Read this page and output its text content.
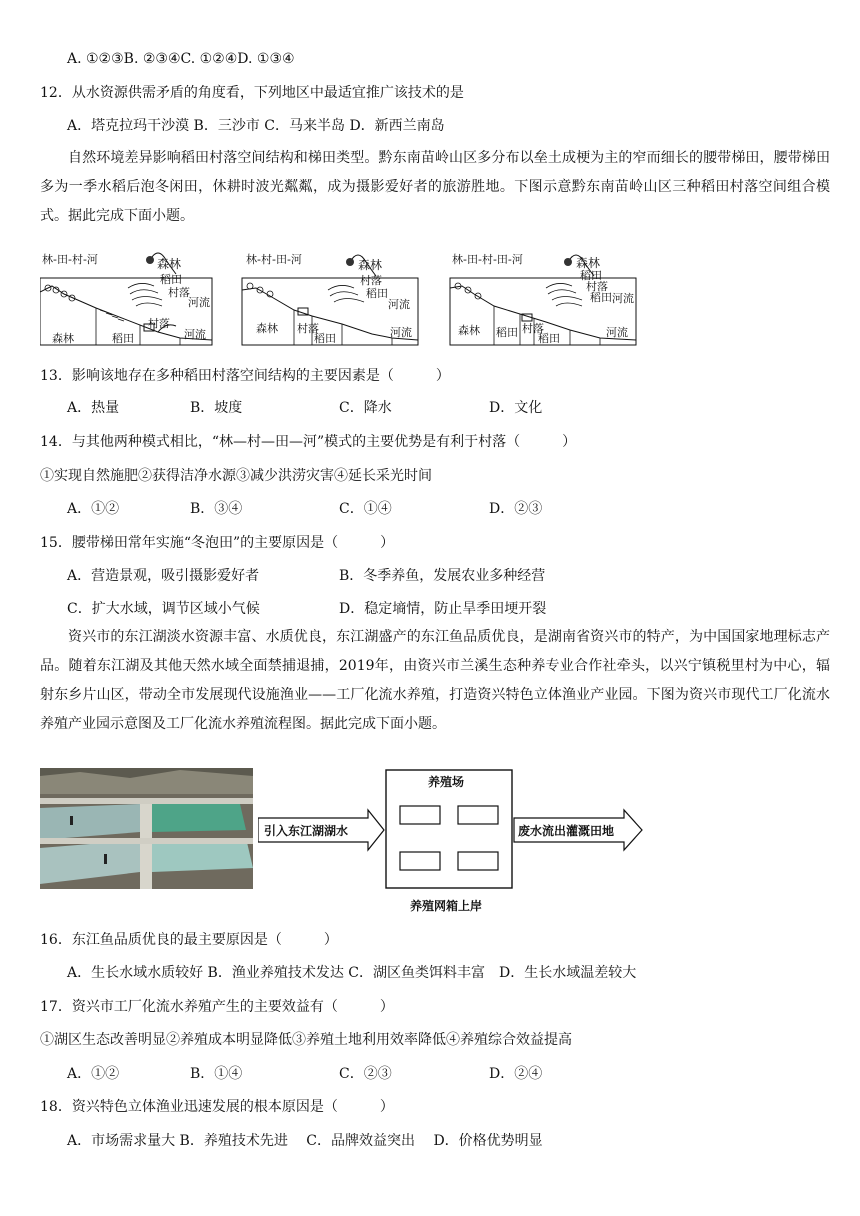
A. ①②③B. ②③④C. ①②④D. ①③④
12．从水资源供需矛盾的角度看，下列地区中最适宜推广该技术的是
A．塔克拉玛干沙漠 B．三沙市 C．马来半岛 D．新西兰南岛
自然环境差异影响稻田村落空间结构和梯田类型。黔东南苗岭山区多分布以垒土成梗为主的窄而细长的腰带梯田，腰带梯田多为一季水稻后泡冬闲田，休耕时波光粼粼，成为摄影爱好者的旅游胜地。下图示意黔东南苗岭山区三种稻田村落空间组合模式。据此完成下面小题。
林-田-村-河	森林
稻田
村落
河流
森林
村落
河流
稻田
林-村-田-河	森林
村落
稻田
河流
森林 村落
稻田	河流
林-田-村-田-河	森林
稻田
村落
稻田 河流
森林 稻田 村落
稻田	河流
13．影响该地存在多种稻田村落空间结构的主要因素是（　　　）
A．热量	B．坡度	C．降水	D．文化
14．与其他两种模式相比，“林—村—田—河”模式的主要优势是有利于村落（　　　）
①实现自然施肥②获得洁净水源③减少洪涝灾害④延长采光时间
A．①②	B．③④	C．①④	D．②③
15．腰带梯田常年实施“冬泡田”的主要原因是（　　　）
A．营造景观，吸引摄影爱好者	B．冬季养鱼，发展农业多种经营
C．扩大水域，调节区域小气候	D．稳定墒情，防止旱季田埂开裂
资兴市的东江湖淡水资源丰富、水质优良，东江湖盛产的东江鱼品质优良，是湖南省资兴市的特产，为中国国家地理标志产品。随着东江湖及其他天然水域全面禁捕退捕，2019年，由资兴市兰溪生态种养专业合作社牵头，以兴宁镇税里村为中心，辐射东乡片山区，带动全市发展现代设施渔业——工厂化流水养殖，打造资兴特色立体渔业产业园。下图为资兴市现代工厂化流水养殖产业园示意图及工厂化流水养殖流程图。据此完成下面小题。
养殖场
引入东江湖湖水	废水流出灌溉田地
养殖网箱上岸
16．东江鱼品质优良的最主要原因是（　　　）
A．生长水域水质较好 B．渔业养殖技术发达 C．湖区鱼类饵料丰富　D．生长水域温差较大
17．资兴市工厂化流水养殖产生的主要效益有（　　　）
①湖区生态改善明显②养殖成本明显降低③养殖土地利用效率降低④养殖综合效益提高
A．①②	B．①④	C．②③	D．②④
18．资兴特色立体渔业迅速发展的根本原因是（　　　）
A．市场需求量大 B．养殖技术先进　 C．品牌效益突出　 D．价格优势明显
